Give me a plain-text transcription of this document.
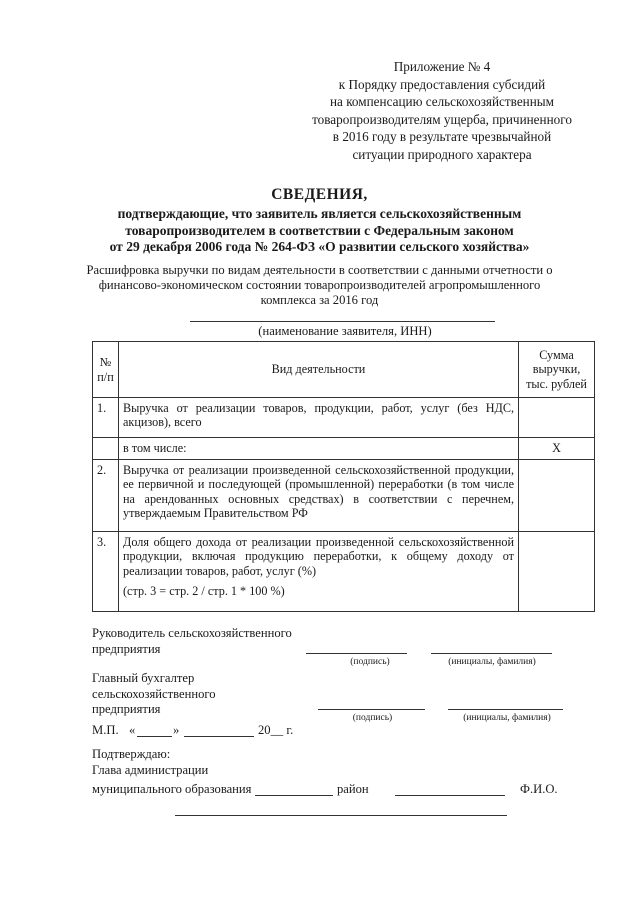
Приложение № 4
к Порядку предоставления субсидий
на компенсацию сельскохозяйственным
товаропроизводителям ущерба, причиненного
в 2016 году в результате чрезвычайной
ситуации природного характера
СВЕДЕНИЯ,
подтверждающие, что заявитель является сельскохозяйственным
товаропроизводителем в соответствии с Федеральным законом
от 29 декабря 2006 года № 264-ФЗ «О развитии сельского хозяйства»
Расшифровка выручки по видам деятельности в соответствии с данными отчетности о
финансово-экономическом состоянии товаропроизводителей агропромышленного
комплекса за 2016 год
(наименование заявителя, ИНН)
№ п/п	Вид деятельности	Сумма
выручки,
тыс. рублей

1.	Выручка от реализации товаров, продукции, работ, услуг (без НДС, акцизов), всего	
	в том числе:	Х
2.	Выручка от реализации произведенной сельскохозяйственной продукции, ее первичной и последующей (промышленной) переработки (в том числе на арендованных основных средствах) в соответствии с перечнем, утверждаемым Правительством РФ	
3.	Доля общего дохода от реализации произведенной сельскохозяйственной продукции, включая продукцию переработки, к общему доходу от реализации товаров, работ, услуг (%)
(стр. 3 = стр. 2 / стр. 1 * 100 %)	

Руководитель сельскохозяйственного
предприятия
(подпись)	(инициалы, фамилия)
Главный бухгалтер
сельскохозяйственного
предприятия
(подпись)	(инициалы, фамилия)
М.П. «	»	20__ г.
Подтверждаю:
Глава администрации
муниципального образования	район	Ф.И.О.
